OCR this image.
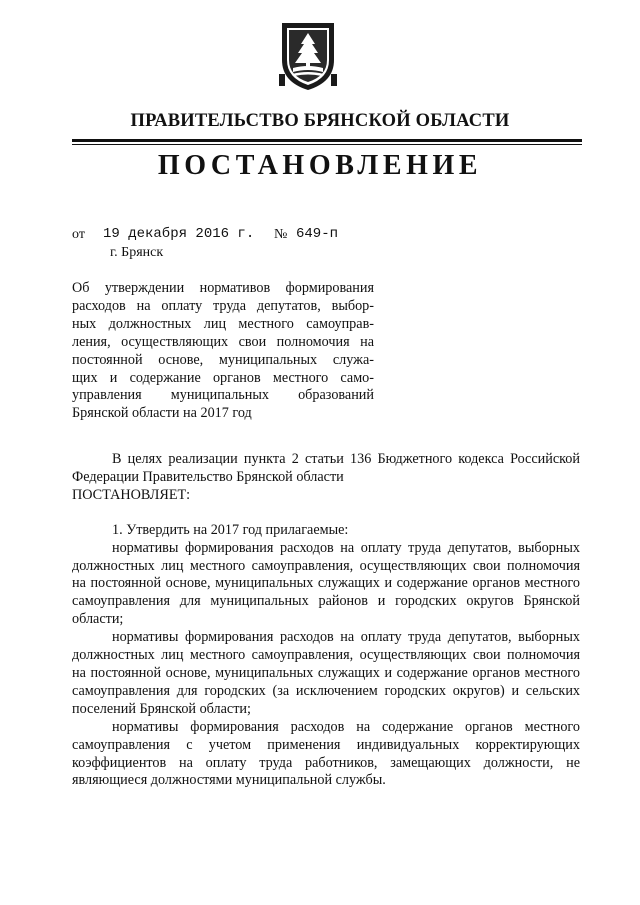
ПРАВИТЕЛЬСТВО БРЯНСКОЙ ОБЛАСТИ
ПОСТАНОВЛЕНИЕ
от 19 декабря 2016 г. № 649-п
г. Брянск
Об утверждении нормативов формирования
расходов на оплату труда депутатов, выбор-
ных должностных лиц местного самоуправ-
ления, осуществляющих свои полномочия на
постоянной основе, муниципальных служа-
щих и содержание органов местного само-
управления муниципальных образований
Брянской области на 2017 год

В целях реализации пункта 2 статьи 136 Бюджетного кодекса Российской Федерации Правительство Брянской области

ПОСТАНОВЛЯЕТ:

1. Утвердить на 2017 год прилагаемые:

нормативы формирования расходов на оплату труда депутатов, выборных должностных лиц местного самоуправления, осуществляющих свои полномочия на постоянной основе, муниципальных служащих и содержание органов местного самоуправления для муниципальных районов и городских округов Брянской области;

нормативы формирования расходов на оплату труда депутатов, выборных должностных лиц местного самоуправления, осуществляющих свои полномочия на постоянной основе, муниципальных служащих и содержание органов местного самоуправления для городских (за исключением городских округов) и сельских поселений Брянской области;

нормативы формирования расходов на содержание органов местного самоуправления с учетом применения индивидуальных корректирующих коэффициентов на оплату труда работников, замещающих должности, не являющиеся должностями муниципальной службы.
